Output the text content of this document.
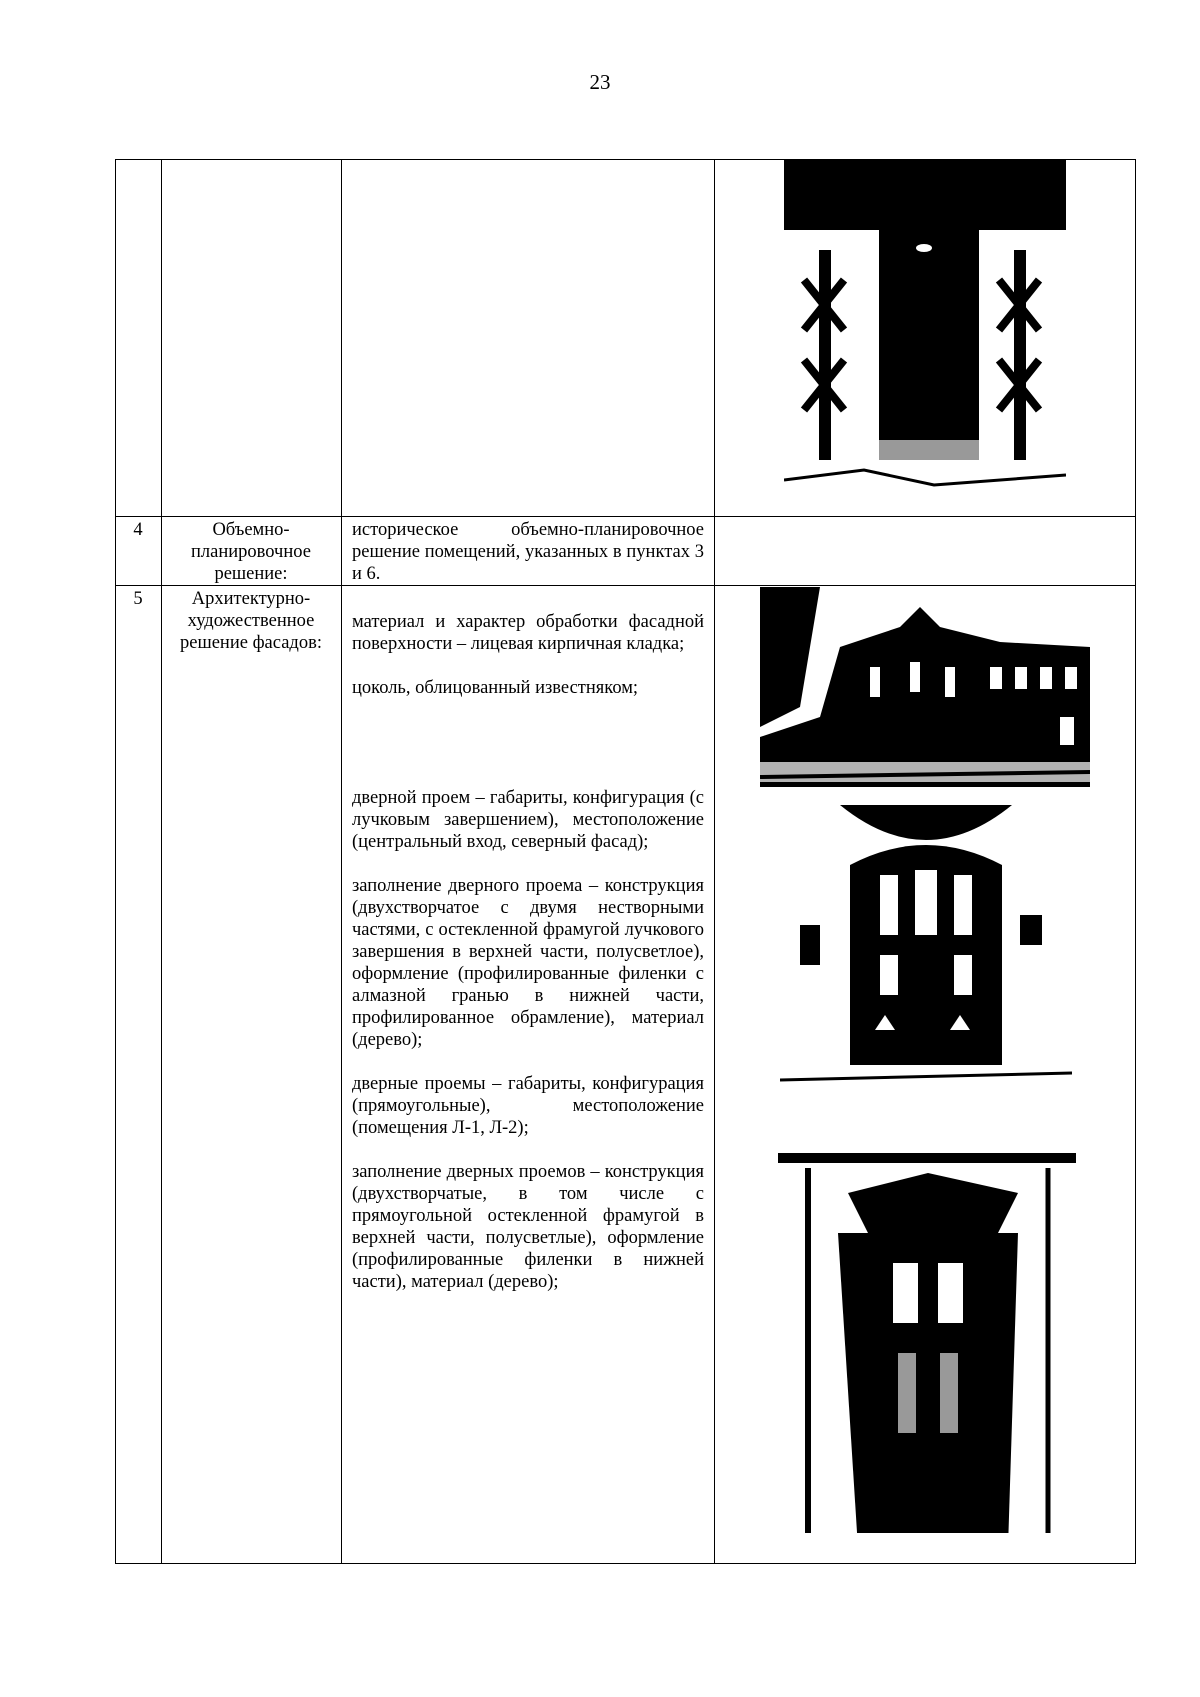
23
4	Объемно-планировочное решение:

историческое объемно-планировочное решение помещений, указанных в пунктах 3 и 6.

5	Архитектурно-художественное решение фасадов:

материал и характер обработки фасадной поверхности – лицевая кирпичная кладка;

цоколь, облицованный известняком;

дверной проем – габариты, конфигурация (с лучковым завершением), местоположение (центральный вход, северный фасад);

заполнение дверного проема – конструкция (двухстворчатое с двумя нестворными частями, с остекленной фрамугой лучкового завершения в верхней части, полусветлое), оформление (профилированные филенки с алмазной гранью в нижней части, профилированное обрамление), материал (дерево);

дверные проемы – габариты, конфигурация (прямоугольные), местоположение (помещения Л-1, Л-2);

заполнение дверных проемов – конструкция (двухстворчатые, в том числе с прямоугольной остекленной фрамугой в верхней части, полусветлые), оформление (профилированные филенки в нижней части), материал (дерево);
